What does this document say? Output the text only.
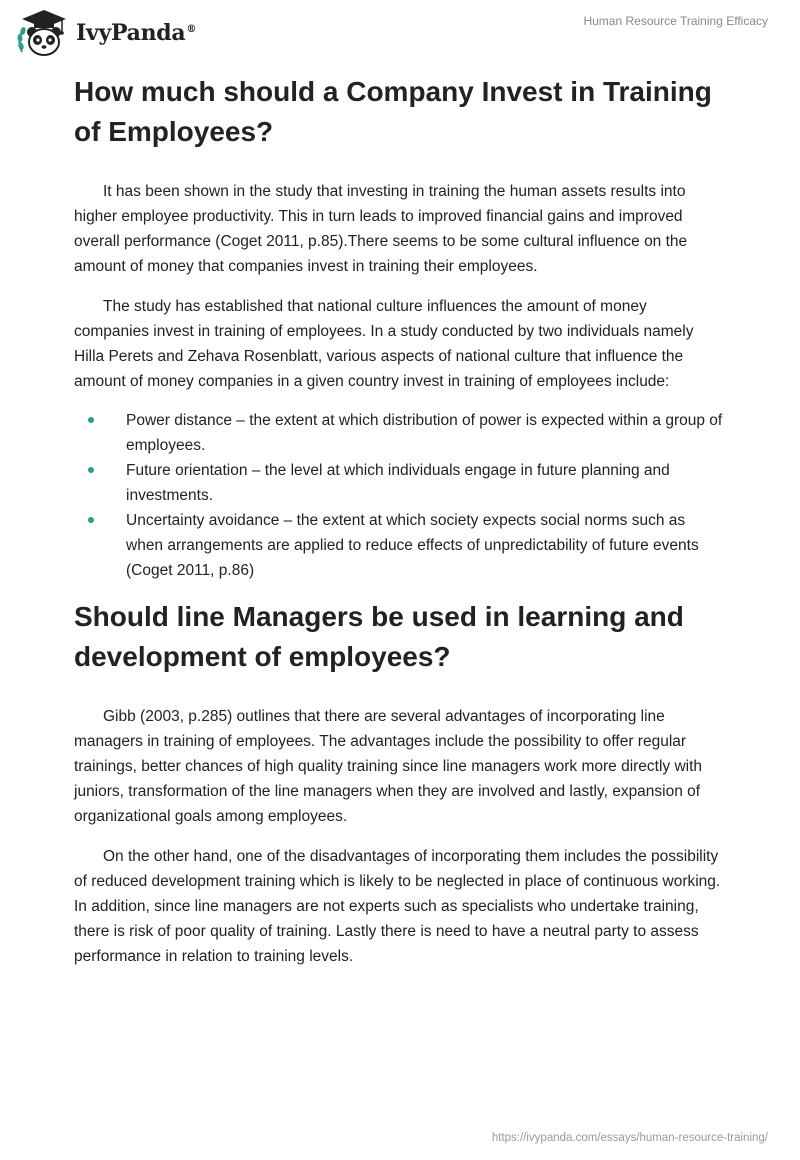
IvyPanda®
Human Resource Training Efficacy
How much should a Company Invest in Training of Employees?

It has been shown in the study that investing in training the human assets results into higher employee productivity. This in turn leads to improved financial gains and improved overall performance (Coget 2011, p.85).There seems to be some cultural influence on the amount of money that companies invest in training their employees.

The study has established that national culture influences the amount of money companies invest in training of employees. In a study conducted by two individuals namely Hilla Perets and Zehava Rosenblatt, various aspects of national culture that influence the amount of money companies in a given country invest in training of employees include:

Power distance – the extent at which distribution of power is expected within a group of employees.
Future orientation – the level at which individuals engage in future planning and investments.
Uncertainty avoidance – the extent at which society expects social norms such as when arrangements are applied to reduce effects of unpredictability of future events (Coget 2011, p.86)
Should line Managers be used in learning and development of employees?

Gibb (2003, p.285) outlines that there are several advantages of incorporating line managers in training of employees. The advantages include the possibility to offer regular trainings, better chances of high quality training since line managers work more directly with juniors, transformation of the line managers when they are involved and lastly, expansion of organizational goals among employees.

On the other hand, one of the disadvantages of incorporating them includes the possibility of reduced development training which is likely to be neglected in place of continuous working. In addition, since line managers are not experts such as specialists who undertake training, there is risk of poor quality of training. Lastly there is need to have a neutral party to assess performance in relation to training levels.

https://ivypanda.com/essays/human-resource-training/
